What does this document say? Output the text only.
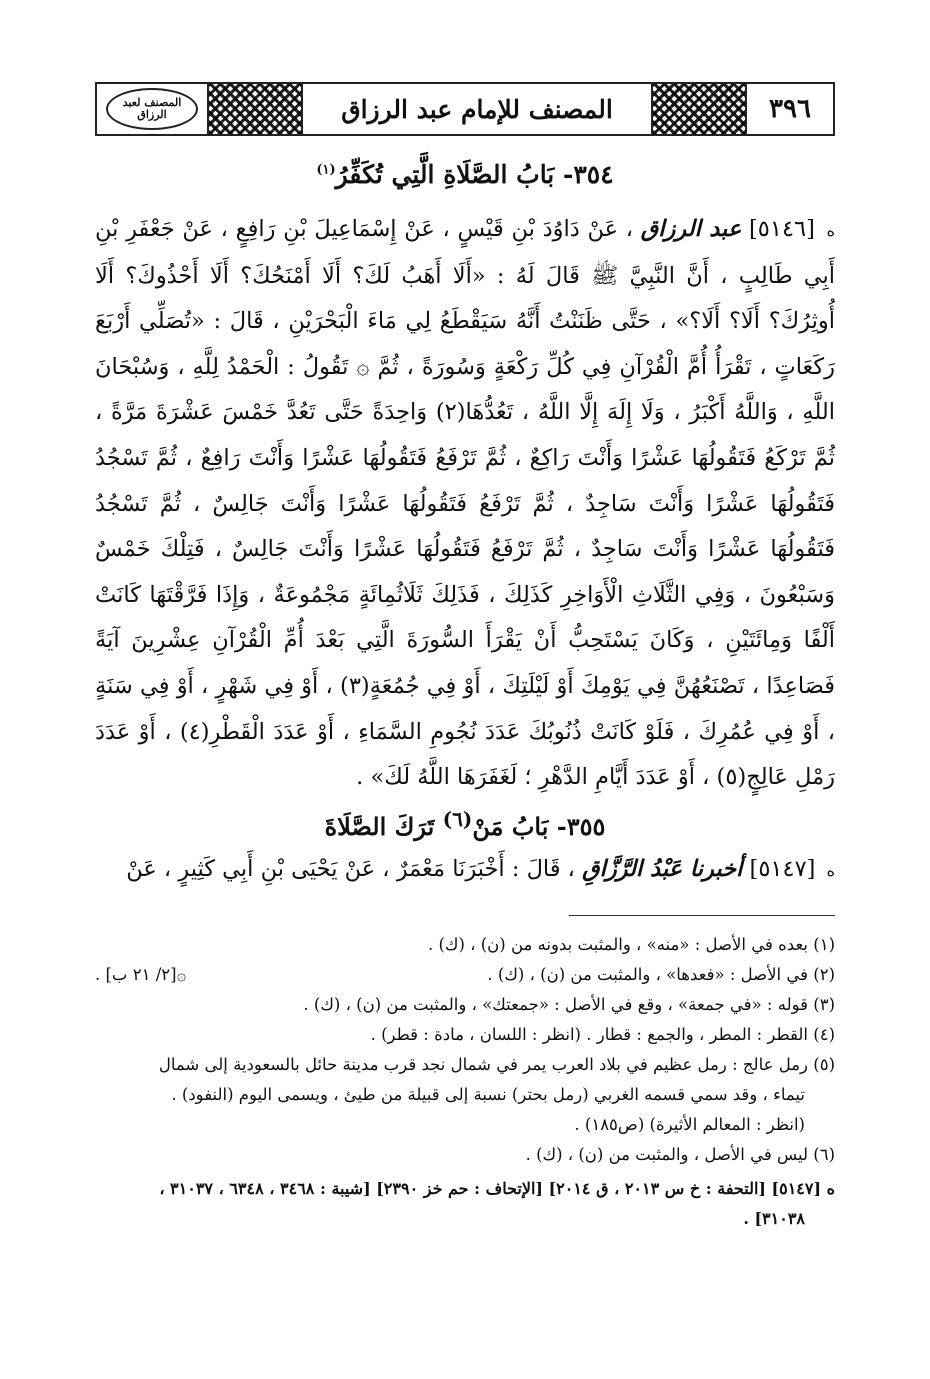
٣٩٦
المصنف للإمام عبد الرزاق
المصنف لعبد الرزاق
٣٥٤- بَابُ الصَّلَاةِ الَّتِي تُكَفِّرُ$^{(١)}$
ه [٥١٤٦] عبد الرزاق ، عَنْ دَاوُدَ بْنِ قَيْسٍ ، عَنْ إِسْمَاعِيلَ بْنِ رَافِعٍ ، عَنْ جَعْفَرِ بْنِ أَبِي طَالِبٍ ، أَنَّ النَّبِيَّ ﷺ قَالَ لَهُ : «أَلَا أَهَبُ لَكَ؟ أَلَا أَمْنَحُكَ؟ أَلَا أَحْذُوكَ؟ أَلَا أُوثِرُكَ؟ أَلَا؟ أَلَا؟» ، حَتَّى ظَنَنْتُ أَنَّهُ سَيَقْطَعُ لِي مَاءَ الْبَحْرَيْنِ ، قَالَ : «تُصَلِّي أَرْبَعَ رَكَعَاتٍ ، تَقْرَأُ أُمَّ الْقُرْآنِ فِي كُلِّ رَكْعَةٍ وَسُورَةً ، ثُمَّ ۞ تَقُولُ : الْحَمْدُ لِلَّهِ ، وَسُبْحَانَ اللَّهِ ، وَاللَّهُ أَكْبَرُ ، وَلَا إِلَهَ إِلَّا اللَّهُ ، تَعُدُّهَا(٢) وَاحِدَةً حَتَّى تَعُدَّ خَمْسَ عَشْرَةَ مَرَّةً ، ثُمَّ تَرْكَعُ فَتَقُولُهَا عَشْرًا وَأَنْتَ رَاكِعٌ ، ثُمَّ تَرْفَعُ فَتَقُولُهَا عَشْرًا وَأَنْتَ رَافِعٌ ، ثُمَّ تَسْجُدُ فَتَقُولُهَا عَشْرًا وَأَنْتَ سَاجِدٌ ، ثُمَّ تَرْفَعُ فَتَقُولُهَا عَشْرًا وَأَنْتَ جَالِسٌ ، ثُمَّ تَسْجُدُ فَتَقُولُهَا عَشْرًا وَأَنْتَ سَاجِدٌ ، ثُمَّ تَرْفَعُ فَتَقُولُهَا عَشْرًا وَأَنْتَ جَالِسٌ ، فَتِلْكَ خَمْسٌ وَسَبْعُونَ ، وَفِي الثَّلَاثِ الْأَوَاخِرِ كَذَلِكَ ، فَذَلِكَ ثَلَاثُمِائَةٍ مَجْمُوعَةٌ ، وَإِذَا فَرَّقْتَهَا كَانَتْ أَلْفًا وَمِائَتَيْنِ ، وَكَانَ يَسْتَحِبُّ أَنْ يَقْرَأَ السُّورَةَ الَّتِي بَعْدَ أُمِّ الْقُرْآنِ عِشْرِينَ آيَةً فَصَاعِدًا ، تَصْنَعُهُنَّ فِي يَوْمِكَ أَوْ لَيْلَتِكَ ، أَوْ فِي جُمُعَةٍ(٣) ، أَوْ فِي شَهْرٍ ، أَوْ فِي سَنَةٍ ، أَوْ فِي عُمُرِكَ ، فَلَوْ كَانَتْ ذُنُوبُكَ عَدَدَ نُجُومِ السَّمَاءِ ، أَوْ عَدَدَ الْقَطْرِ(٤) ، أَوْ عَدَدَ رَمْلِ عَالِجٍ(٥) ، أَوْ عَدَدَ أَيَّامِ الدَّهْرِ ؛ لَغَفَرَهَا اللَّهُ لَكَ» .
٣٥٥- بَابُ مَنْ$^{(٦)}$ تَرَكَ الصَّلَاةَ
ه [٥١٤٧] أخبرنا عَبْدُ الرَّزَّاقِ ، قَالَ : أَخْبَرَنَا مَعْمَرٌ ، عَنْ يَحْيَى بْنِ أَبِي كَثِيرٍ ، عَنْ

(١) بعده في الأصل : «منه» ، والمثبت بدونه من (ن) ، (ك) .

(٢) في الأصل : «فعدها» ، والمثبت من (ن) ، (ك) .
۞[٢/ ٢١ ب] .

(٣) قوله : «في جمعة» ، وقع في الأصل : «جمعتك» ، والمثبت من (ن) ، (ك) .

(٤) القطر : المطر ، والجمع : قطار . (انظر : اللسان ، مادة : قطر) .

(٥) رمل عالج : رمل عظيم في بلاد العرب يمر في شمال نجد قرب مدينة حائل بالسعودية إلى شمال

تيماء ، وقد سمي قسمه الغربي (رمل بحتر) نسبة إلى قبيلة من طيئ ، ويسمى اليوم (النفود) .

(انظر : المعالم الأثيرة) (ص١٨٥) .

(٦) ليس في الأصل ، والمثبت من (ن) ، (ك) .

ه [٥١٤٧] [التحفة : خ س ٢٠١٣ ، ق ٢٠١٤] [الإتحاف : حم خز ٢٣٩٠] [شيبة : ٣٤٦٨ ، ٦٣٤٨ ، ٣١٠٣٧ ،

٣١٠٣٨] .
